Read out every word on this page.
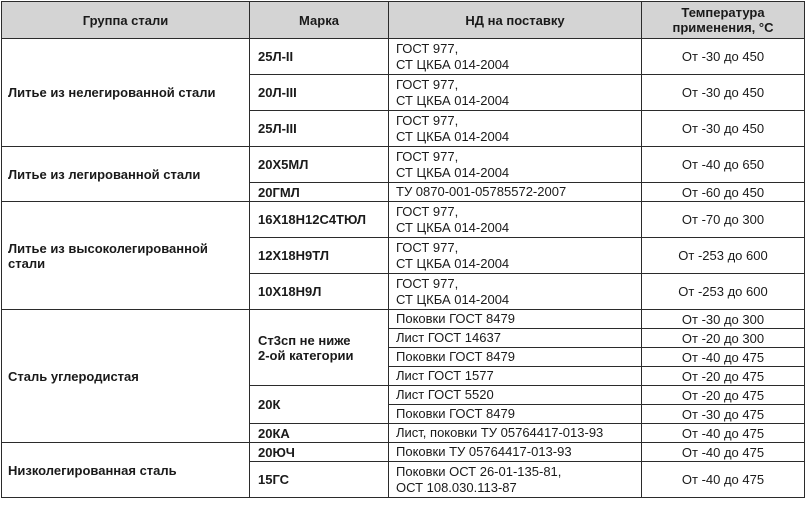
Группа стали	Марка	НД на поставку	Температура
применения, °С

Литье из нелегированной стали	25Л-II	ГОСТ 977,
СТ ЦКБА 014-2004	От -30 до 450
	20Л-III	ГОСТ 977,
СТ ЦКБА 014-2004	От -30 до 450
	25Л-III	ГОСТ 977,
СТ ЦКБА 014-2004	От -30 до 450
Литье из легированной стали	20Х5МЛ	ГОСТ 977,
СТ ЦКБА 014-2004	От -40 до 650
	20ГМЛ	ТУ 0870-001-05785572-2007	От -60 до 450
Литье из высоколегированной стали	16Х18Н12С4ТЮЛ	ГОСТ 977,
СТ ЦКБА 014-2004	От -70 до 300
	12Х18Н9ТЛ	ГОСТ 977,
СТ ЦКБА 014-2004	От -253 до 600
	10Х18Н9Л	ГОСТ 977,
СТ ЦКБА 014-2004	От -253 до 600
Сталь углеродистая	Ст3сп не ниже
2-ой категории	Поковки ГОСТ 8479	От -30 до 300
		Лист ГОСТ 14637	От -20 до 300
		Поковки ГОСТ 8479	От -40 до 475
		Лист ГОСТ 1577	От -20 до 475
	20К	Лист ГОСТ 5520	От -20 до 475
		Поковки ГОСТ 8479	От -30 до 475
	20КА	Лист, поковки ТУ 05764417-013-93	От -40 до 475
Низколегированная сталь	20ЮЧ	Поковки ТУ 05764417-013-93	От -40 до 475
	15ГС	Поковки ОСТ 26-01-135-81,
ОСТ 108.030.113-87	От -40 до 475
